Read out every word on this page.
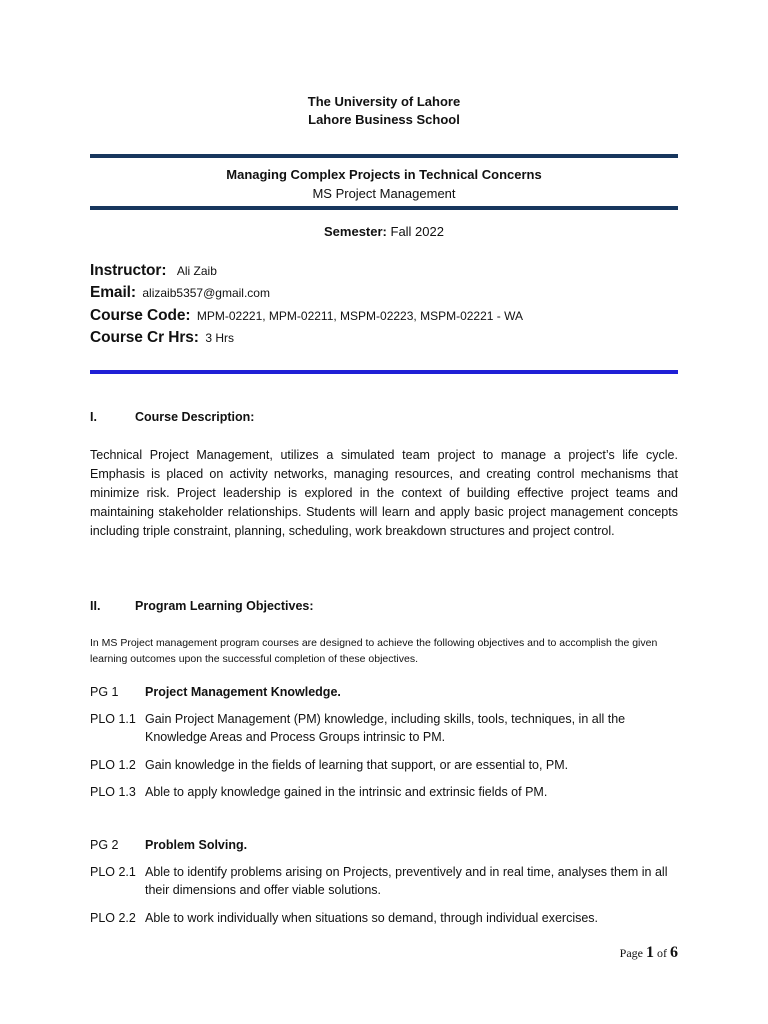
The University of Lahore
Lahore Business School
Managing Complex Projects in Technical Concerns
MS Project Management
Semester: Fall 2022
Instructor: Ali Zaib
Email: alizaib5357@gmail.com
Course Code: MPM-02221, MPM-02211, MSPM-02223, MSPM-02221 - WA
Course Cr Hrs: 3 Hrs
I.	Course Description:
Technical Project Management, utilizes a simulated team project to manage a project’s life cycle. Emphasis is placed on activity networks, managing resources, and creating control mechanisms that minimize risk. Project leadership is explored in the context of building effective project teams and maintaining stakeholder relationships. Students will learn and apply basic project management concepts including triple constraint, planning, scheduling, work breakdown structures and project control.
II.	Program Learning Objectives:
In MS Project management program courses are designed to achieve the following objectives and to accomplish the given learning outcomes upon the successful completion of these objectives.
PG 1	Project Management Knowledge.
PLO 1.1 Gain Project Management (PM) knowledge, including skills, tools, techniques, in all the Knowledge Areas and Process Groups intrinsic to PM.
PLO 1.2 Gain knowledge in the fields of learning that support, or are essential to, PM.
PLO 1.3 Able to apply knowledge gained in the intrinsic and extrinsic fields of PM.
PG 2	Problem Solving.
PLO 2.1 Able to identify problems arising on Projects, preventively and in real time, analyses them in all their dimensions and offer viable solutions.
PLO 2.2 Able to work individually when situations so demand, through individual exercises.
Page 1 of 6
